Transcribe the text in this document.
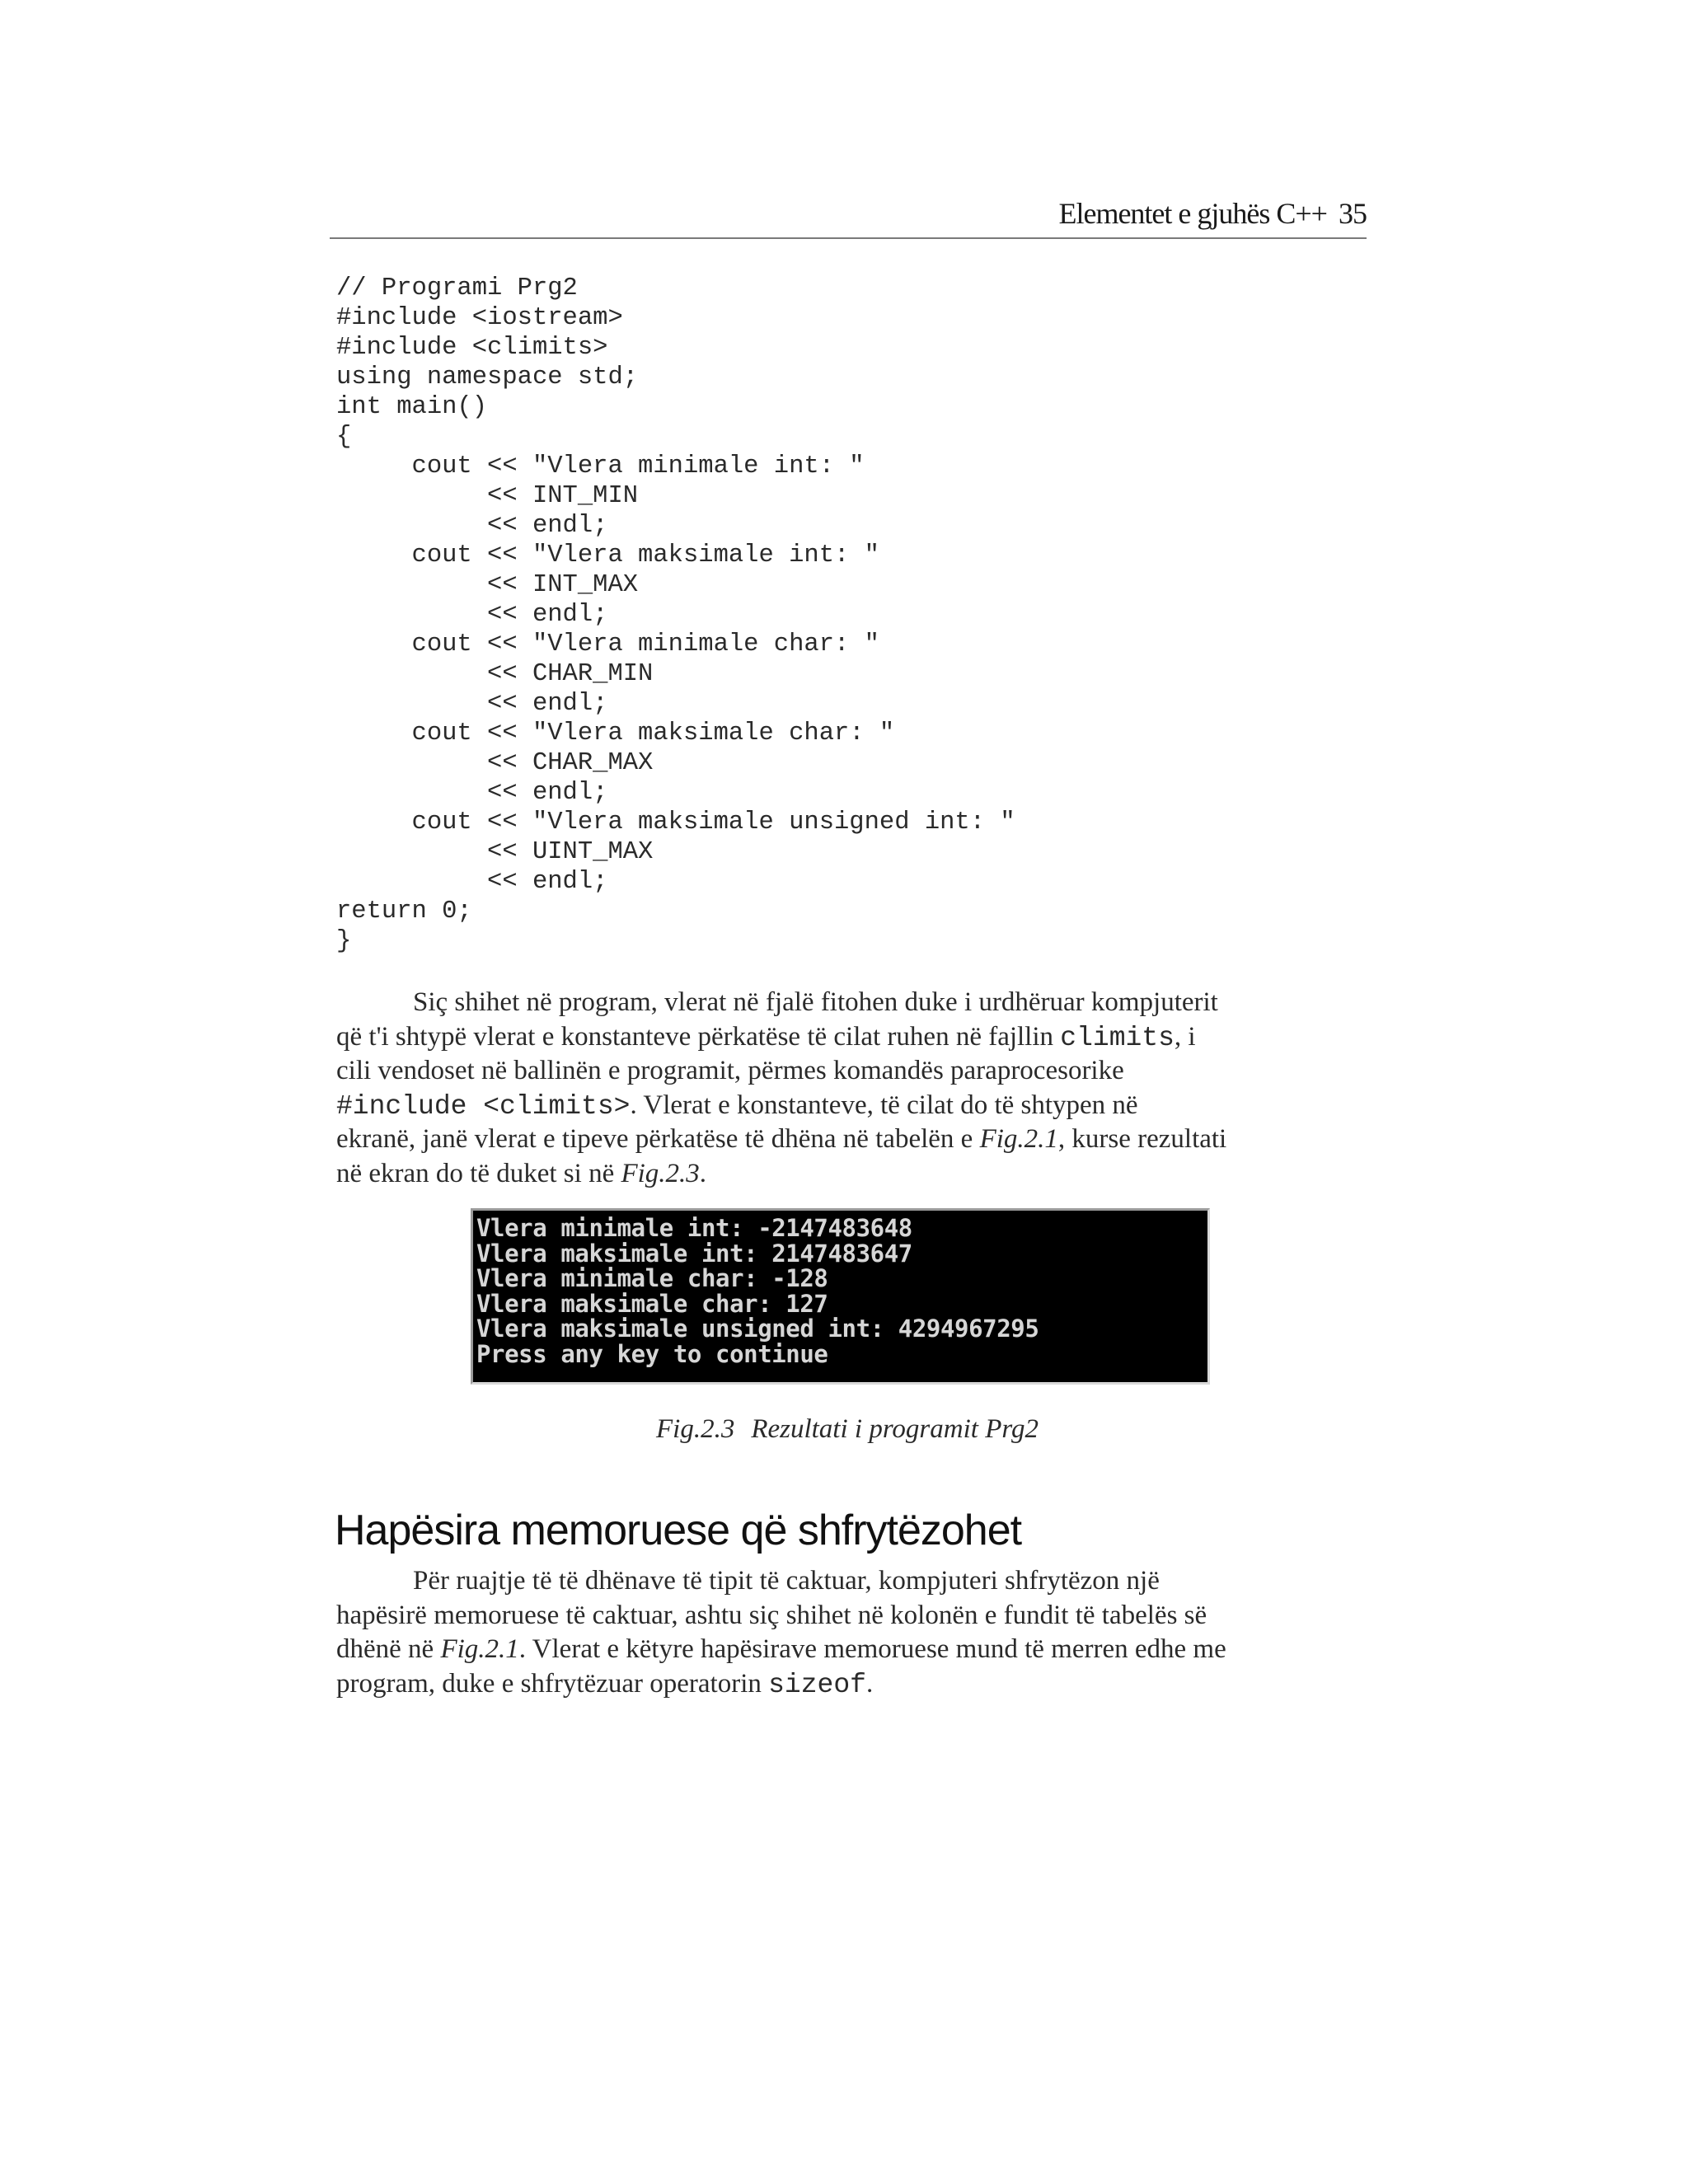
Elementet e gjuhës C++ 35
// Programi Prg2
#include <iostream>
#include <climits>
using namespace std;
int main()
{
cout << "Vlera minimale int: "
<< INT_MIN
<< endl;
cout << "Vlera maksimale int: "
<< INT_MAX
<< endl;
cout << "Vlera minimale char: "
<< CHAR_MIN
<< endl;
cout << "Vlera maksimale char: "
<< CHAR_MAX
<< endl;
cout << "Vlera maksimale unsigned int: "
<< UINT_MAX
<< endl;
return 0;
}
Siç shihet në program, vlerat në fjalë fitohen duke i urdhëruar kompjuterit
që t'i shtypë vlerat e konstanteve përkatëse të cilat ruhen në fajllin climits, i
cili vendoset në ballinën e programit, përmes komandës paraprocesorike
#include <climits>. Vlerat e konstanteve, të cilat do të shtypen në
ekranë, janë vlerat e tipeve përkatëse të dhëna në tabelën e Fig.2.1, kurse rezultati
në ekran do të duket si në Fig.2.3.
Vlera minimale int: -2147483648
Vlera maksimale int: 2147483647
Vlera minimale char: -128
Vlera maksimale char: 127
Vlera maksimale unsigned int: 4294967295
Press any key to continue
Fig.2.3 Rezultati i programit Prg2
Hapësira memoruese që shfrytëzohet
Për ruajtje të të dhënave të tipit të caktuar, kompjuteri shfrytëzon një
hapësirë memoruese të caktuar, ashtu siç shihet në kolonën e fundit të tabelës së
dhënë në Fig.2.1. Vlerat e këtyre hapësirave memoruese mund të merren edhe me
program, duke e shfrytëzuar operatorin sizeof.
